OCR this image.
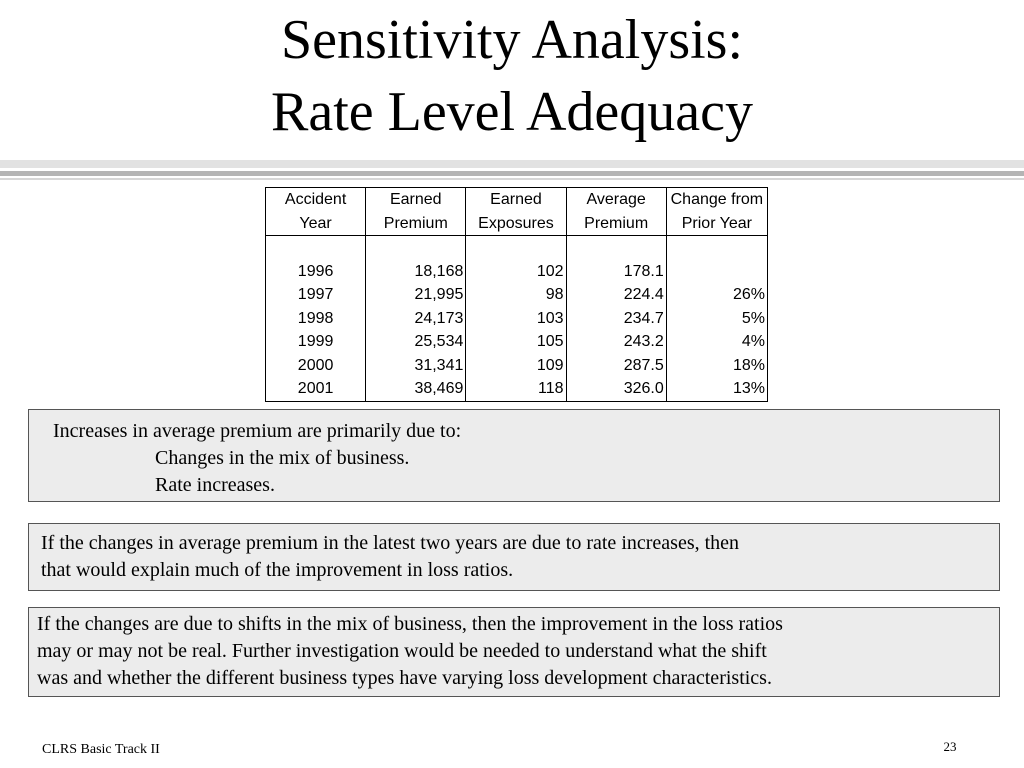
Sensitivity Analysis:
Rate Level Adequacy
Accident	Earned	Earned	Average	Change from
Year	Premium	Exposures	Premium	Prior Year

1996	18,168	102	178.1	
1997	21,995	98	224.4	26%
1998	24,173	103	234.7	5%
1999	25,534	105	243.2	4%
2000	31,341	109	287.5	18%
2001	38,469	118	326.0	13%
Increases in average premium are primarily due to:
Changes in the mix of business.
Rate increases.
If the changes in average premium in the latest two years are due to rate increases, then
that would explain much of the improvement in loss ratios.
If the changes are due to shifts in the mix of business, then the improvement in the loss ratios
may or may not be real. Further investigation would be needed to understand what the shift
was and whether the different business types have varying loss development characteristics.
CLRS Basic Track II	23
